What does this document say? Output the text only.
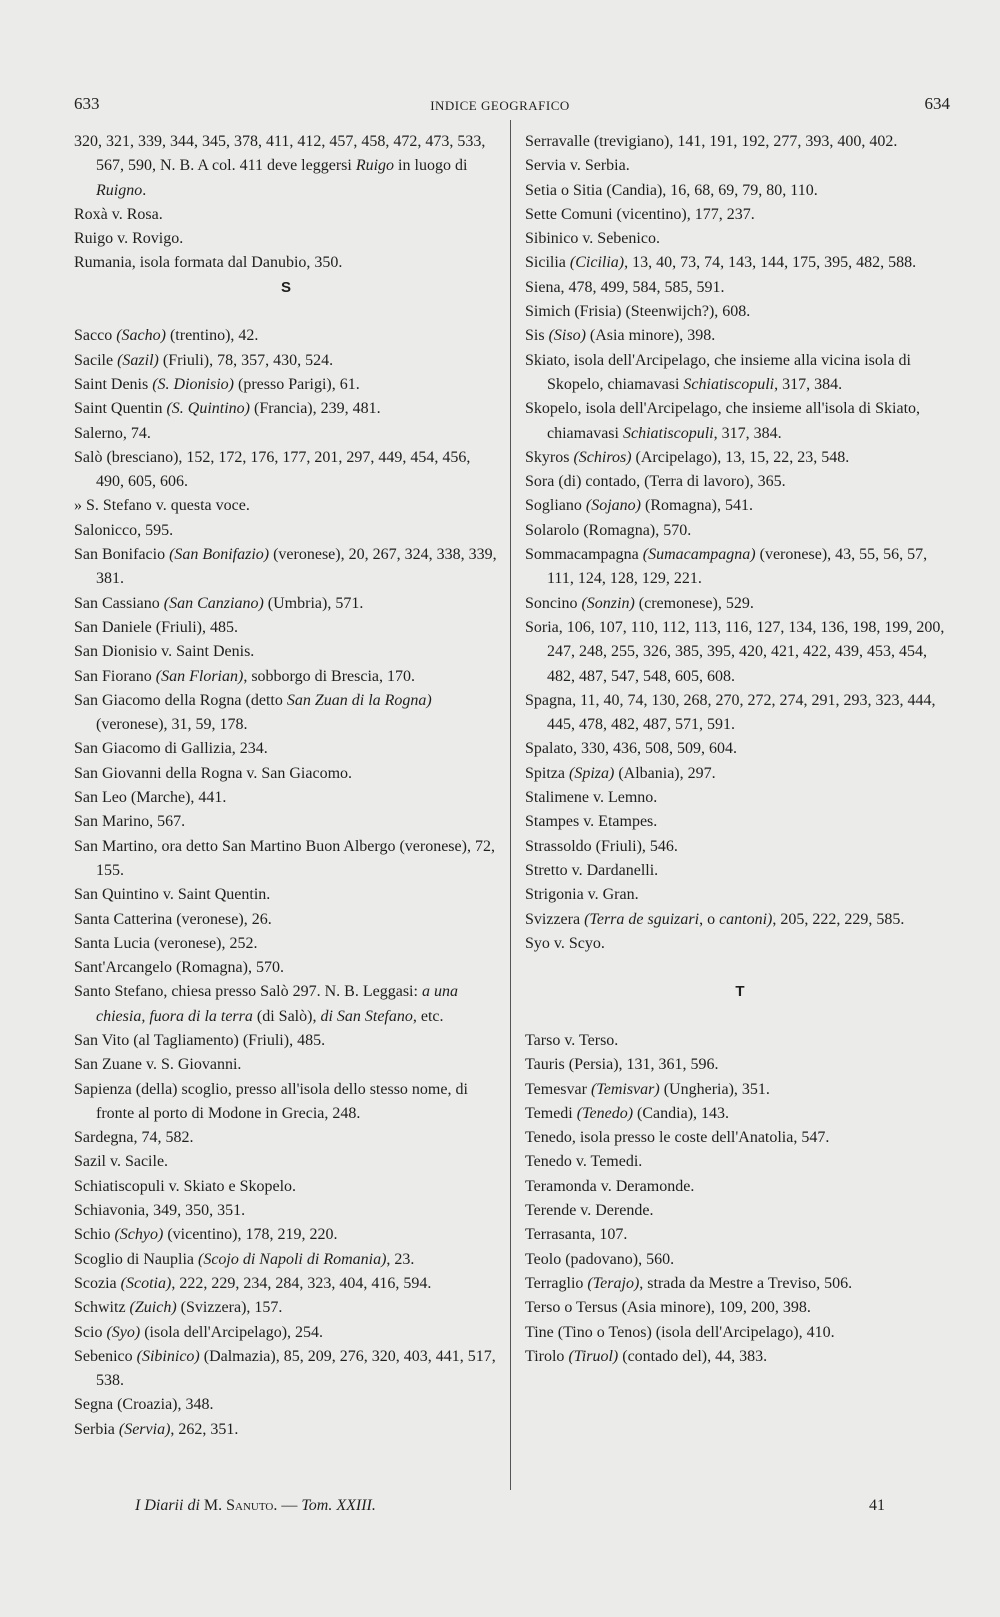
633	INDICE GEOGRAFICO	634
320, 321, 339, 344, 345, 378, 411, 412, 457, 458, 472, 473, 533, 567, 590, N. B. A col. 411 deve leggersi Ruigo in luogo di Ruigno.
Roxà v. Rosa.
Ruigo v. Rovigo.
Rumania, isola formata dal Danubio, 350.
S
Sacco (Sacho) (trentino), 42.
Sacile (Sazil) (Friuli), 78, 357, 430, 524.
Saint Denis (S. Dionisio) (presso Parigi), 61.
Saint Quentin (S. Quintino) (Francia), 239, 481.
Salerno, 74.
Salò (bresciano), 152, 172, 176, 177, 201, 297, 449, 454, 456, 490, 605, 606.
» S. Stefano v. questa voce.
Salonicco, 595.
San Bonifacio (San Bonifazio) (veronese), 20, 267, 324, 338, 339, 381.
San Cassiano (San Canziano) (Umbria), 571.
San Daniele (Friuli), 485.
San Dionisio v. Saint Denis.
San Fiorano (San Florian), sobborgo di Brescia, 170.
San Giacomo della Rogna (detto San Zuan di la Rogna) (veronese), 31, 59, 178.
San Giacomo di Gallizia, 234.
San Giovanni della Rogna v. San Giacomo.
San Leo (Marche), 441.
San Marino, 567.
San Martino, ora detto San Martino Buon Albergo (veronese), 72, 155.
San Quintino v. Saint Quentin.
Santa Catterina (veronese), 26.
Santa Lucia (veronese), 252.
Sant'Arcangelo (Romagna), 570.
Santo Stefano, chiesa presso Salò 297. N. B. Leggasi: a una chiesia, fuora di la terra (di Salò), di San Stefano, etc.
San Vito (al Tagliamento) (Friuli), 485.
San Zuane v. S. Giovanni.
Sapienza (della) scoglio, presso all'isola dello stesso nome, di fronte al porto di Modone in Grecia, 248.
Sardegna, 74, 582.
Sazil v. Sacile.
Schiatiscopuli v. Skiato e Skopelo.
Schiavonia, 349, 350, 351.
Schio (Schyo) (vicentino), 178, 219, 220.
Scoglio di Nauplia (Scojo di Napoli di Romania), 23.
Scozia (Scotia), 222, 229, 234, 284, 323, 404, 416, 594.
Schwitz (Zuich) (Svizzera), 157.
Scio (Syo) (isola dell'Arcipelago), 254.
Sebenico (Sibinico) (Dalmazia), 85, 209, 276, 320, 403, 441, 517, 538.
Segna (Croazia), 348.
Serbia (Servia), 262, 351.
Serravalle (trevigiano), 141, 191, 192, 277, 393, 400, 402.
Servia v. Serbia.
Setia o Sitia (Candia), 16, 68, 69, 79, 80, 110.
Sette Comuni (vicentino), 177, 237.
Sibinico v. Sebenico.
Sicilia (Cicilia), 13, 40, 73, 74, 143, 144, 175, 395, 482, 588.
Siena, 478, 499, 584, 585, 591.
Simich (Frisia) (Steenwijch?), 608.
Sis (Siso) (Asia minore), 398.
Skiato, isola dell'Arcipelago, che insieme alla vicina isola di Skopelo, chiamavasi Schiatiscopuli, 317, 384.
Skopelo, isola dell'Arcipelago, che insieme all'isola di Skiato, chiamavasi Schiatiscopuli, 317, 384.
Skyros (Schiros) (Arcipelago), 13, 15, 22, 23, 548.
Sora (di) contado, (Terra di lavoro), 365.
Sogliano (Sojano) (Romagna), 541.
Solarolo (Romagna), 570.
Sommacampagna (Sumacampagna) (veronese), 43, 55, 56, 57, 111, 124, 128, 129, 221.
Soncino (Sonzin) (cremonese), 529.
Soria, 106, 107, 110, 112, 113, 116, 127, 134, 136, 198, 199, 200, 247, 248, 255, 326, 385, 395, 420, 421, 422, 439, 453, 454, 482, 487, 547, 548, 605, 608.
Spagna, 11, 40, 74, 130, 268, 270, 272, 274, 291, 293, 323, 444, 445, 478, 482, 487, 571, 591.
Spalato, 330, 436, 508, 509, 604.
Spitza (Spiza) (Albania), 297.
Stalimene v. Lemno.
Stampes v. Etampes.
Strassoldo (Friuli), 546.
Stretto v. Dardanelli.
Strigonia v. Gran.
Svizzera (Terra de sguizari, o cantoni), 205, 222, 229, 585.
Syo v. Scyo.
T
Tarso v. Terso.
Tauris (Persia), 131, 361, 596.
Temesvar (Temisvar) (Ungheria), 351.
Temedi (Tenedo) (Candia), 143.
Tenedo, isola presso le coste dell'Anatolia, 547.
Tenedo v. Temedi.
Teramonda v. Deramonde.
Terende v. Derende.
Terrasanta, 107.
Teolo (padovano), 560.
Terraglio (Terajo), strada da Mestre a Treviso, 506.
Terso o Tersus (Asia minore), 109, 200, 398.
Tine (Tino o Tenos) (isola dell'Arcipelago), 410.
Tirolo (Tiruol) (contado del), 44, 383.
I Diarii di M. Sanuto. — Tom. XXIII.	41
